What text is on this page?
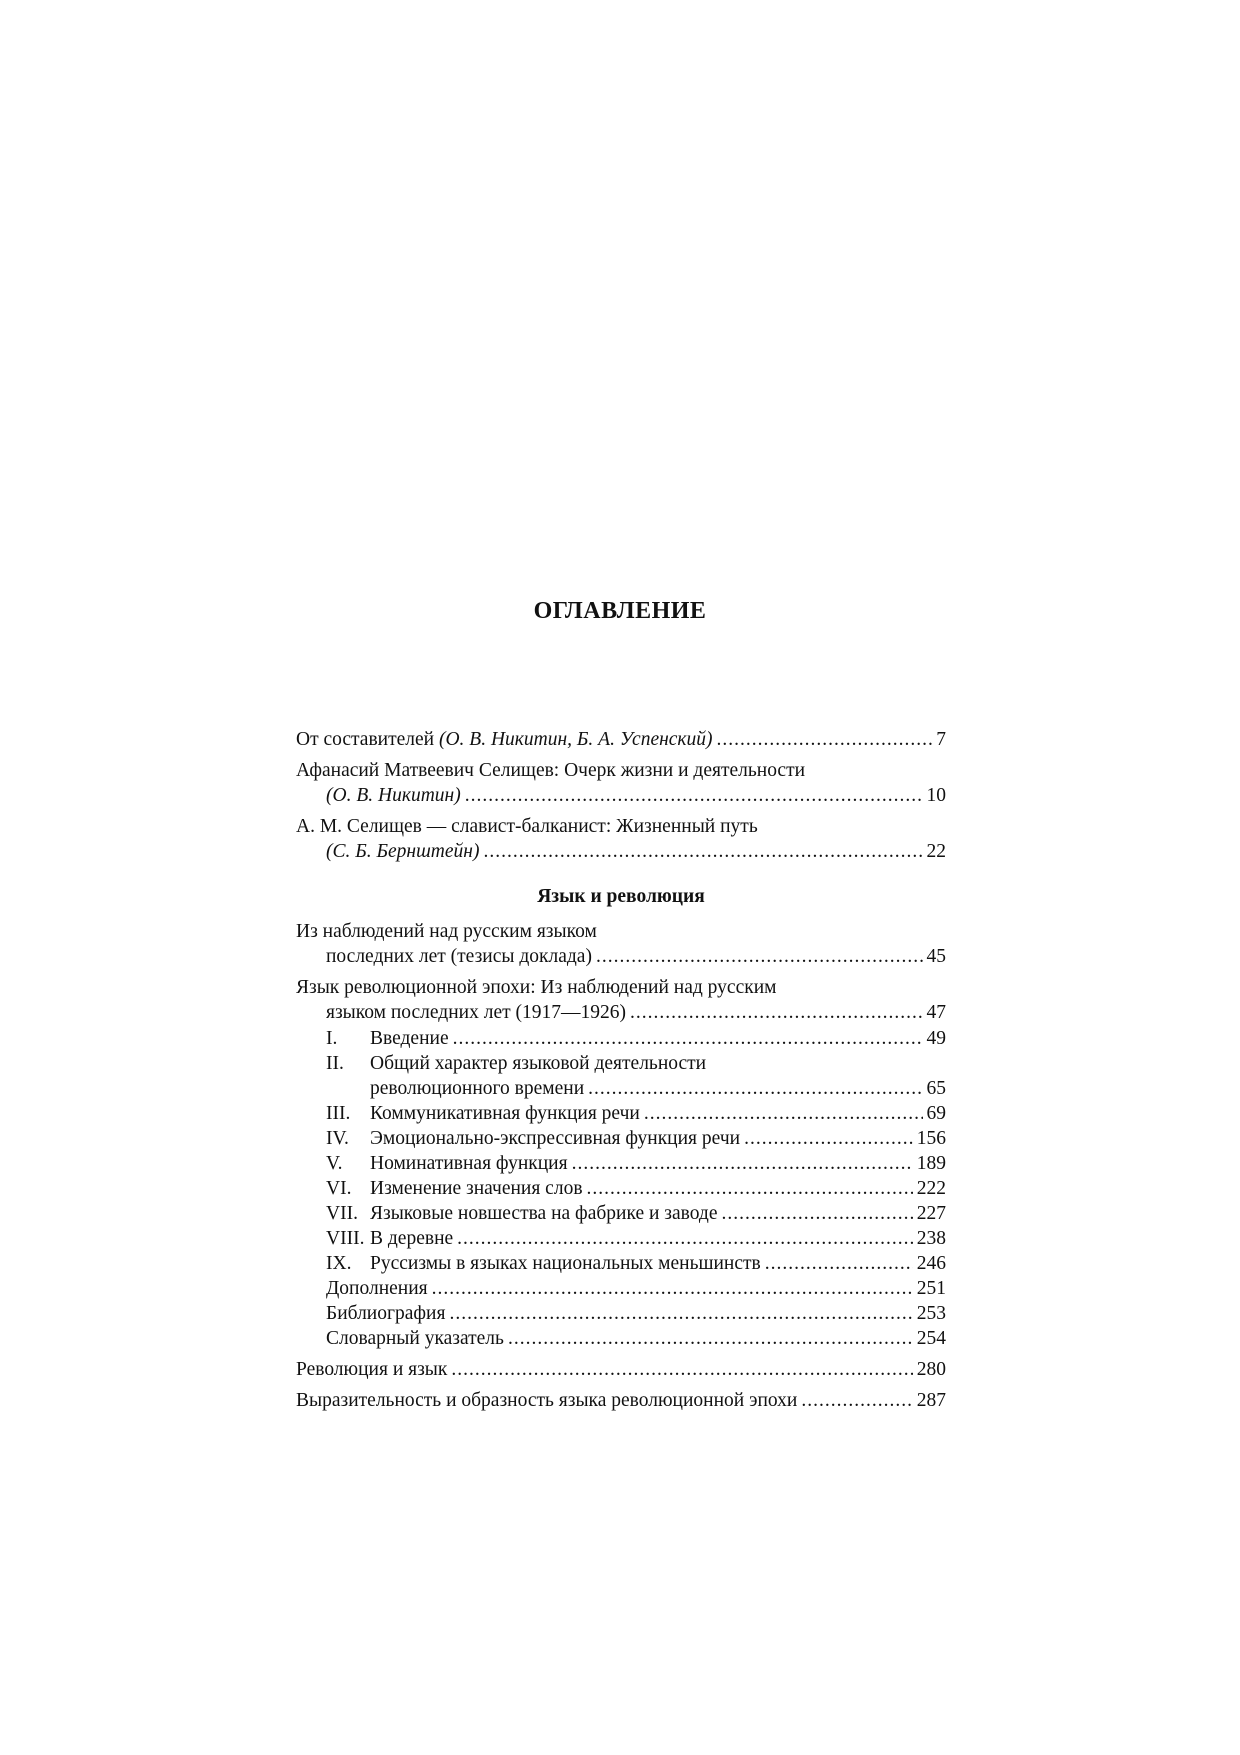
ОГЛАВЛЕНИЕ
От составителей
(О. В. Никитин, Б. А. Успенский) .....	7
Афанасий Матвеевич Селищев: Очерк жизни и деятельности
(О. В. Никитин) .....	10
А. М. Селищев — славист-балканист: Жизненный путь
(С. Б. Бернштейн) .....	22
Язык и революция
Из наблюдений над русским языком
последних лет (тезисы доклада) .....	45
Язык революционной эпохи: Из наблюдений над русским
языком последних лет (1917—1926) .....	47
I.	Введение .....	49
II.	Общий характер языковой деятельности
революционного времени .....	65
III.	Коммуникативная функция речи .....	69
IV.	Эмоционально-экспрессивная функция речи .....	156
V.	Номинативная функция .....	189
VI. Изменение значения слов .....	222
VII. Языковые новшества на фабрике и заводе .....	227
VIII. В деревне .....	238
IX. Руссизмы в языках национальных меньшинств .....	246
Дополнения .....	251
Библиография .....	253
Словарный указатель .....	254
Революция и язык .....	280
Выразительность и образность языка революционной эпохи .....	287
